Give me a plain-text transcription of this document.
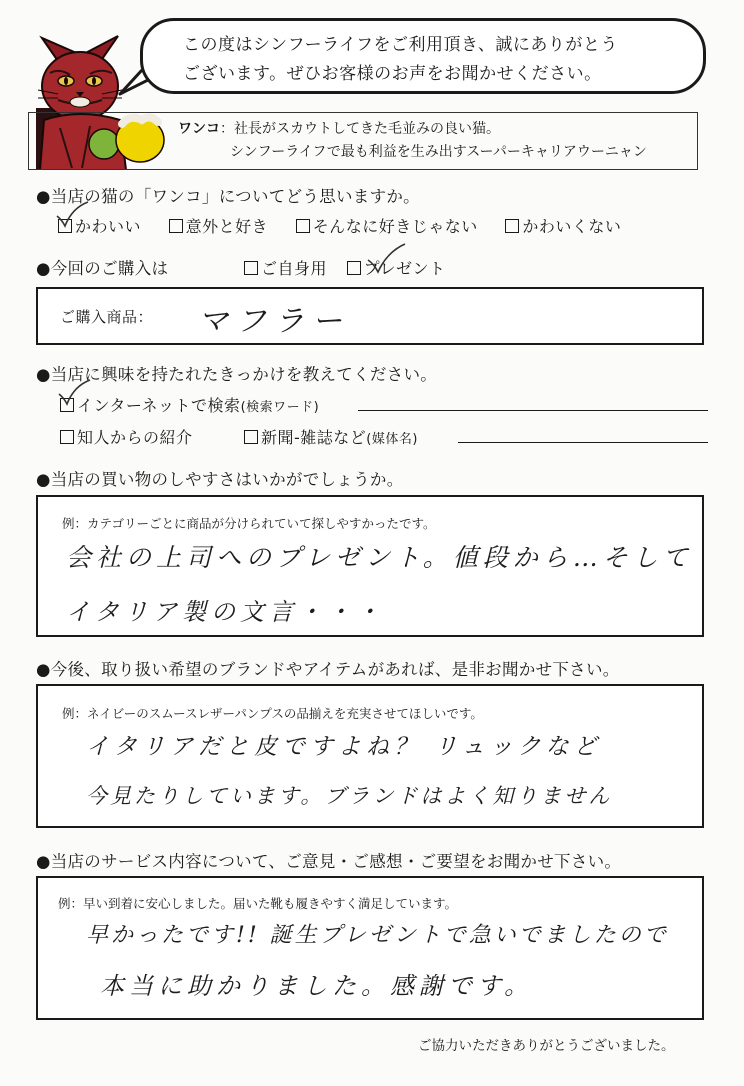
この度はシンフーライフをご利用頂き、誠にありがとう
ございます。ぜひお客様のお声をお聞かせください。
ワンコ：社長がスカウトしてきた毛並みの良い猫。
シンフーライフで最も利益を生み出すスーパーキャリアウーニャン
●当店の猫の「ワンコ」についてどう思いますか。
かわいい	意外と好き	そんなに好きじゃない	かわいくない
●今回のご購入は	ご自身用 プレゼント
ご購入商品： マフラー
●当店に興味を持たれたきっかけを教えてください。
インターネットで検索(検索ワード)
知人からの紹介	新聞-雑誌など(媒体名)
●当店の買い物のしやすさはいかがでしょうか。
例：カテゴリーごとに商品が分けられていて探しやすかったです。
会社の上司へのプレゼント。値段から…そして
イタリア製の文言・・・
●今後、取り扱い希望のブランドやアイテムがあれば、是非お聞かせ下さい。
例：ネイビーのスムースレザーパンプスの品揃えを充実させてほしいです。
イタリアだと皮ですよね？ リュックなど
今見たりしています。ブランドはよく知りません
●当店のサービス内容について、ご意見・ご感想・ご要望をお聞かせ下さい。
例：早い到着に安心しました。届いた靴も履きやすく満足しています。
早かったです!! 誕生プレゼントで急いでましたので
本当に助かりました。感謝です。
ご協力いただきありがとうございました。
